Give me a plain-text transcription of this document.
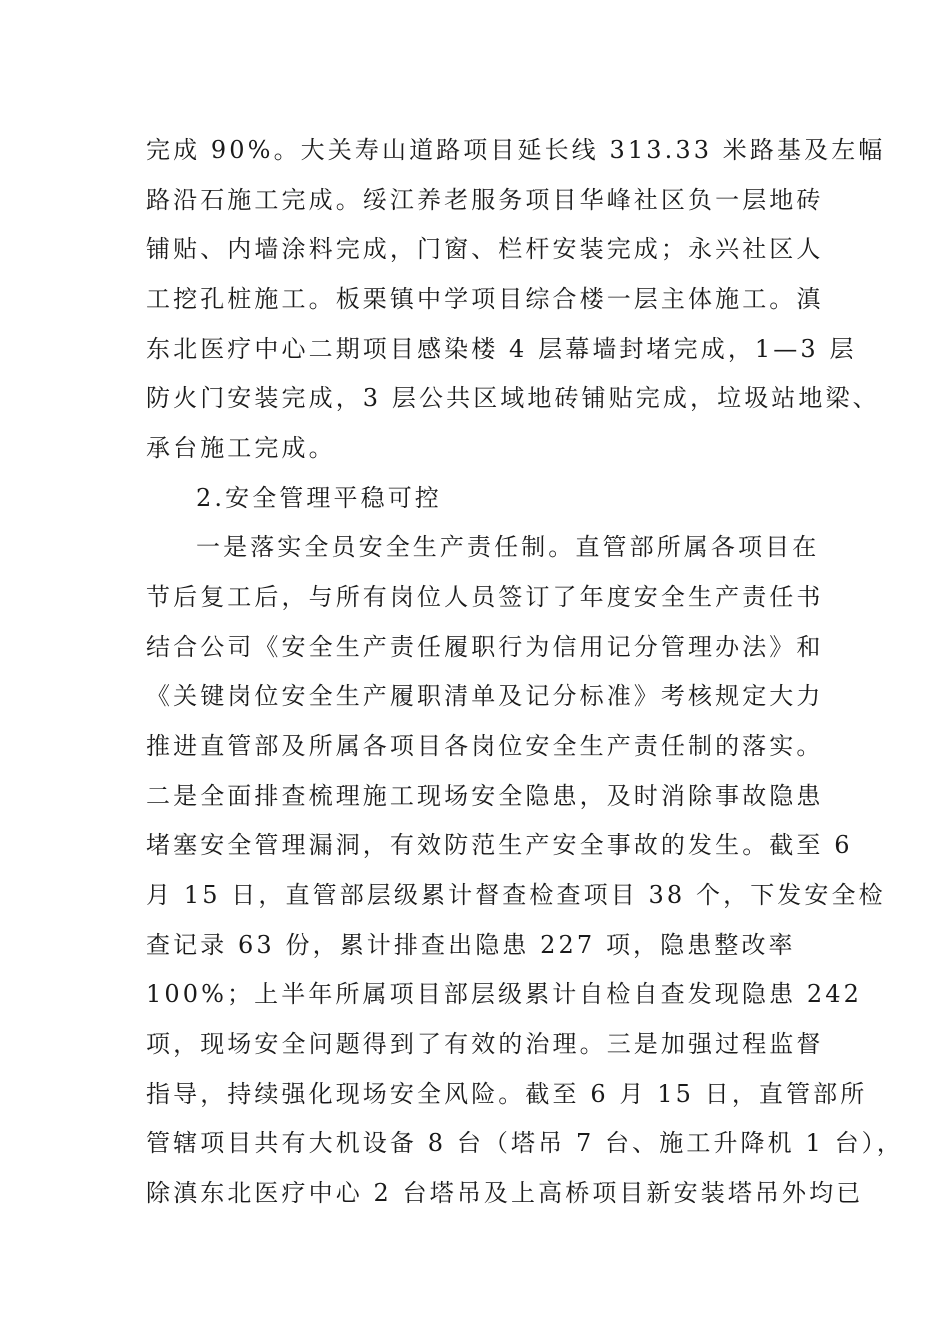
完成 90%。大关寿山道路项目延长线 313.33 米路基及左幅
路沿石施工完成。绥江养老服务项目华峰社区负一层地砖
铺贴、内墙涂料完成，门窗、栏杆安装完成；永兴社区人
工挖孔桩施工。板栗镇中学项目综合楼一层主体施工。滇
东北医疗中心二期项目感染楼 4 层幕墙封堵完成，1—3 层
防火门安装完成，3 层公共区域地砖铺贴完成，垃圾站地梁、
承台施工完成。
2.安全管理平稳可控
一是落实全员安全生产责任制。直管部所属各项目在
节后复工后，与所有岗位人员签订了年度安全生产责任书
结合公司《安全生产责任履职行为信用记分管理办法》和
《关键岗位安全生产履职清单及记分标准》考核规定大力
推进直管部及所属各项目各岗位安全生产责任制的落实。
二是全面排查梳理施工现场安全隐患，及时消除事故隐患
堵塞安全管理漏洞，有效防范生产安全事故的发生。截至 6
月 15 日，直管部层级累计督查检查项目 38 个，下发安全检
查记录 63 份，累计排查出隐患 227 项，隐患整改率
100%；上半年所属项目部层级累计自检自查发现隐患 242
项，现场安全问题得到了有效的治理。三是加强过程监督
指导，持续强化现场安全风险。截至 6 月 15 日，直管部所
管辖项目共有大机设备 8 台（塔吊 7 台、施工升降机 1 台），
除滇东北医疗中心 2 台塔吊及上高桥项目新安装塔吊外均已
